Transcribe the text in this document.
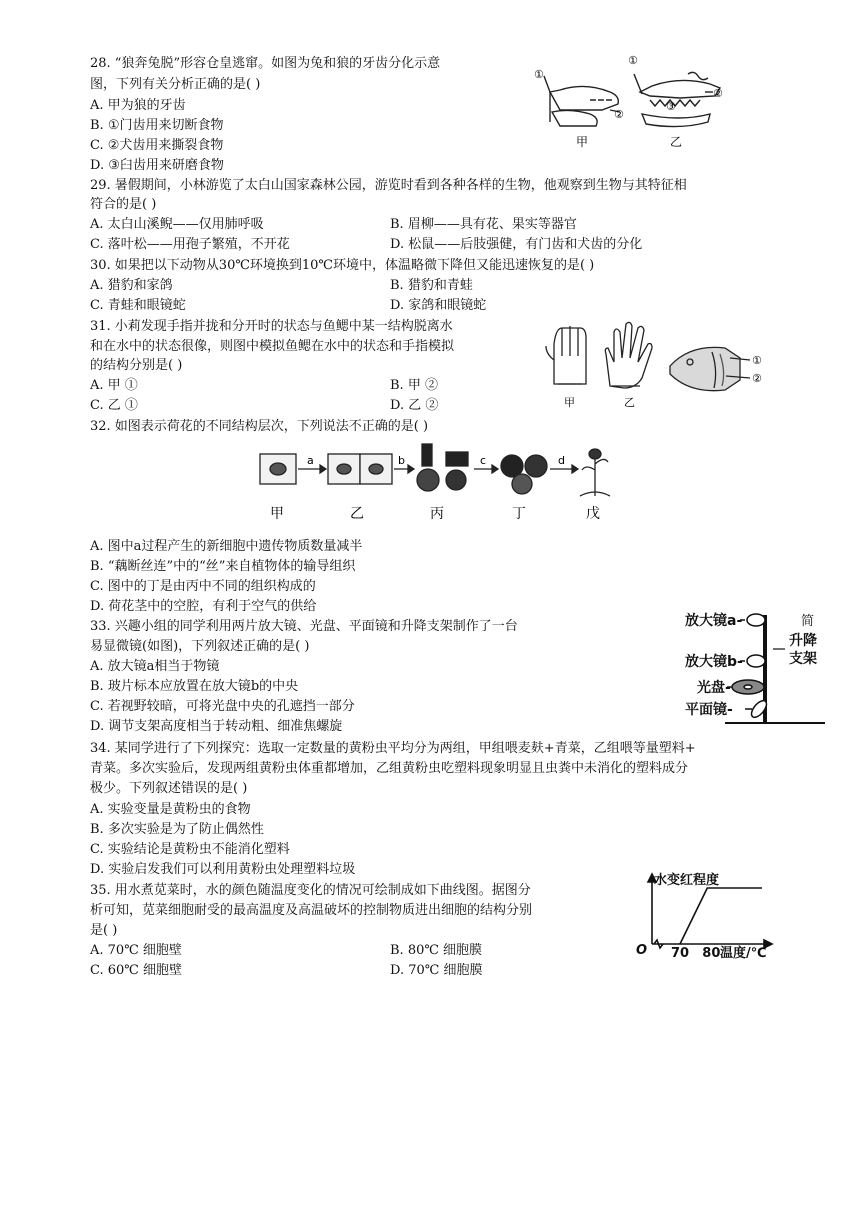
28. “狼奔兔脱”形容仓皇逃窜。如图为兔和狼的牙齿分化示意
图，下列有关分析正确的是( )
A. 甲为狼的牙齿
B. ①门齿用来切断食物
C. ②犬齿用来撕裂食物
D. ③臼齿用来研磨食物
①
②
①
②
③
甲	乙
29. 暑假期间，小林游览了太白山国家森林公园，游览时看到各种各样的生物，他观察到生物与其特征相
符合的是( )
A. 太白山溪鲵——仅用肺呼吸	B. 眉柳——具有花、果实等器官
C. 落叶松——用孢子繁殖，不开花	D. 松鼠——后肢强健，有门齿和犬齿的分化
30. 如果把以下动物从30℃环境换到10℃环境中，体温略微下降但又能迅速恢复的是( )
A. 猎豹和家鸽	B. 猎豹和青蛙
C. 青蛙和眼镜蛇	D. 家鸽和眼镜蛇
31. 小莉发现手指并拢和分开时的状态与鱼鳃中某一结构脱离水
和在水中的状态很像，则图中模拟鱼鳃在水中的状态和手指模拟
的结构分别是( )
A. 甲 ①	B. 甲 ②
C. 乙 ①	D. 乙 ②	甲	乙
①
②
32. 如图表示荷花的不同结构层次，下列说法不正确的是( )
a	b	c	d
甲	乙	丙	丁	戊
A. 图中a过程产生的新细胞中遗传物质数量减半
B. “藕断丝连”中的“丝”来自植物体的输导组织
C. 图中的丁是由丙中不同的组织构成的
D. 荷花茎中的空腔，有利于空气的供给
33. 兴趣小组的同学利用两片放大镜、光盘、平面镜和升降支架制作了一台
易显微镜(如图)，下列叙述正确的是( )
A. 放大镜a相当于物镜
B. 玻片标本应放置在放大镜b的中央
C. 若视野较暗，可将光盘中央的孔遮挡一部分
D. 调节支架高度相当于转动粗、细准焦螺旋
放大镜a-
放大镜b-
光盘-
平面镜-
升降
支架
简
34. 某同学进行了下列探究：选取一定数量的黄粉虫平均分为两组，甲组喂麦麸+青菜，乙组喂等量塑料+
青菜。多次实验后，发现两组黄粉虫体重都增加，乙组黄粉虫吃塑料现象明显且虫粪中未消化的塑料成分
极少。下列叙述错误的是( )
A. 实验变量是黄粉虫的食物
B. 多次实验是为了防止偶然性
C. 实验结论是黄粉虫不能消化塑料
D. 实验启发我们可以利用黄粉虫处理塑料垃圾
35. 用水煮苋菜时，水的颜色随温度变化的情况可绘制成如下曲线图。据图分
析可知，苋菜细胞耐受的最高温度及高温破坏的控制物质进出细胞的结构分别
是( )
A. 70℃ 细胞壁	B. 80℃ 细胞膜
C. 60℃ 细胞壁	D. 70℃ 细胞膜
水变红程度
O 70 80 温度/℃
